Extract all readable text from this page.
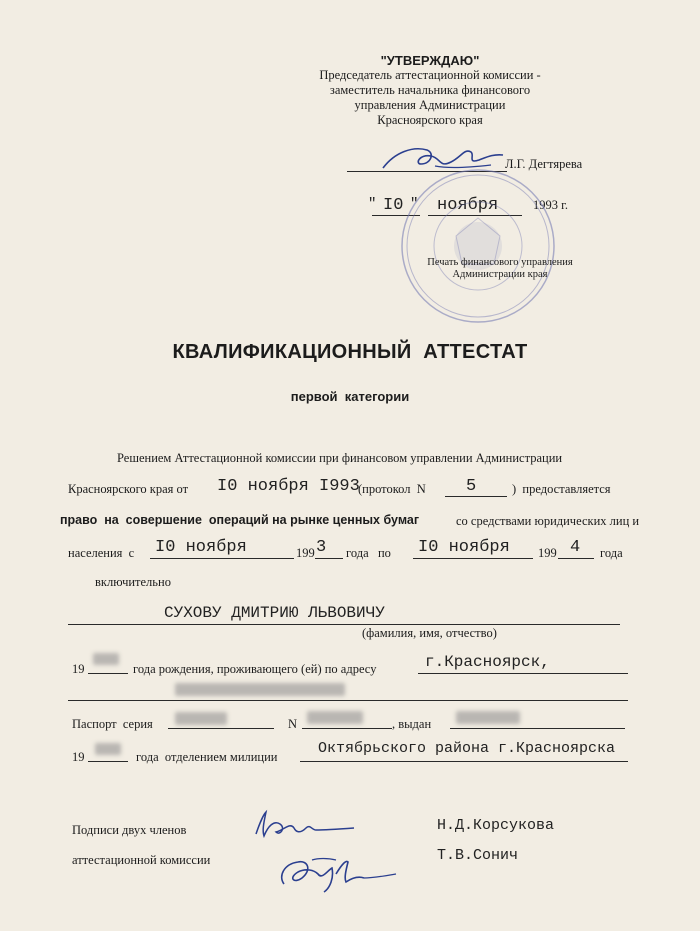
"УТВЕРЖДАЮ"
Председатель аттестационной комиссии -
заместитель начальника финансового
управления Администрации
Красноярского края
Л.Г. Дегтярева
" I0 " ноября	1993 г.
Печать финансового управления
Администрации края
КВАЛИФИКАЦИОННЫЙ  АТТЕСТАТ
первой  категории
Решением Аттестационной комиссии при финансовом управлении Администрации
Красноярского края от I0 ноября I993
(протокол  N 5	)  предоставляется
право  на  совершение  операций на рынке ценных бумаг	со средствами юридических лиц и
населения  с I0 ноября	199 3 года   по I0 ноября 199 4 года
включительно
СУХОВУ ДМИТРИЮ ЛЬВОВИЧУ
(фамилия, имя, отчество)
19	года рождения, проживающего (ей) по адресу	г.Красноярск,
Паспорт  серия	N	, выдан
19	года  отделением милиции	Октябрьского района г.Красноярска
Подписи двух членов
аттестационной комиссии
Н.Д.Корсукова
Т.В.Сонич
